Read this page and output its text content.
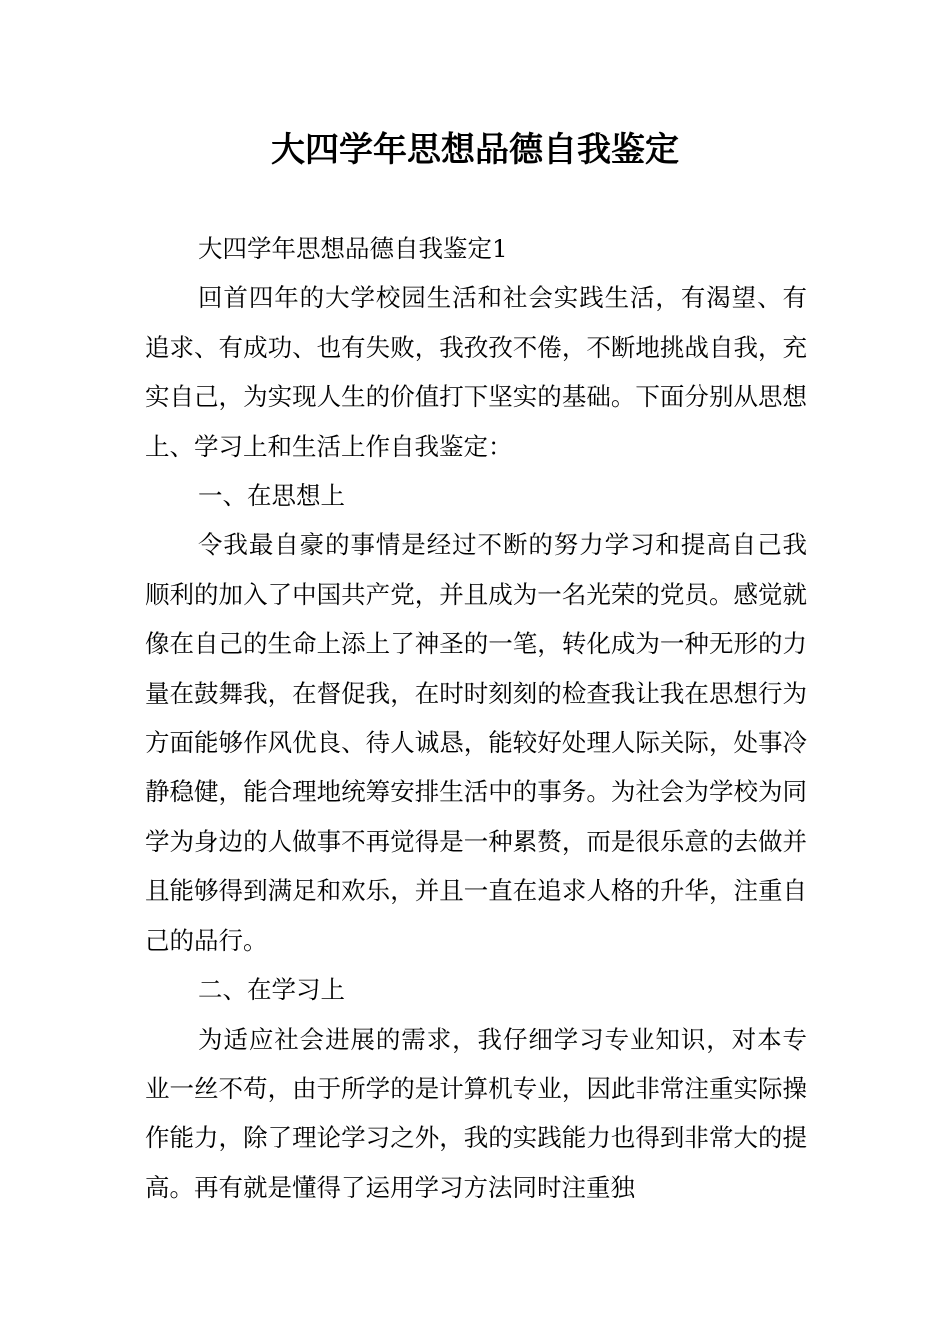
大四学年思想品德自我鉴定

大四学年思想品德自我鉴定1

回首四年的大学校园生活和社会实践生活，有渴望、有追求、有成功、也有失败，我孜孜不倦，不断地挑战自我，充实自己，为实现人生的价值打下坚实的基础。下面分别从思想上、学习上和生活上作自我鉴定：

一、在思想上

令我最自豪的事情是经过不断的努力学习和提高自己我顺利的加入了中国共产党，并且成为一名光荣的党员。感觉就像在自己的生命上添上了神圣的一笔，转化成为一种无形的力量在鼓舞我，在督促我，在时时刻刻的检查我让我在思想行为方面能够作风优良、待人诚恳，能较好处理人际关际，处事冷静稳健，能合理地统筹安排生活中的事务。为社会为学校为同学为身边的人做事不再觉得是一种累赘，而是很乐意的去做并且能够得到满足和欢乐，并且一直在追求人格的升华，注重自己的品行。

二、在学习上

为适应社会进展的需求，我仔细学习专业知识，对本专业一丝不苟，由于所学的是计算机专业，因此非常注重实际操作能力，除了理论学习之外，我的实践能力也得到非常大的提高。再有就是懂得了运用学习方法同时注重独
